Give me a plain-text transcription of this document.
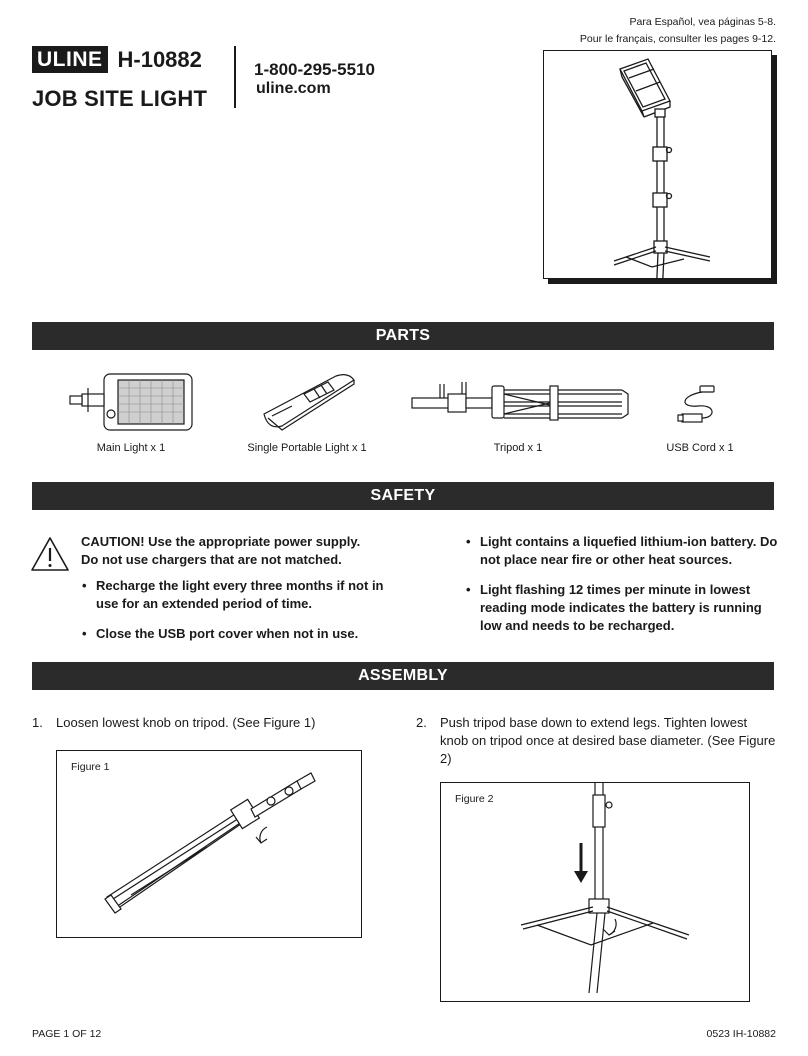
Para Español, vea páginas 5-8.
Pour le français, consulter les pages 9-12.
ULINE H-10882
JOB SITE LIGHT
1-800-295-5510
uline.com
PARTS
Main Light x 1	Single Portable Light x 1	Tripod x 1	USB Cord x 1
SAFETY
CAUTION! Use the appropriate power supply. Do not use chargers that are not matched.
• Recharge the light every three months if not in use for an extended period of time.
• Close the USB port cover when not in use.
• Light contains a liquefied lithium-ion battery. Do not place near fire or other heat sources.
• Light flashing 12 times per minute in lowest reading mode indicates the battery is running low and needs to be recharged.
ASSEMBLY
1.	Loosen lowest knob on tripod. (See Figure 1)	2.	Push tripod base down to extend legs. Tighten lowest knob on tripod once at desired base diameter. (See Figure 2)
Figure 1
Figure 2
PAGE 1 OF 12	0523 IH-10882
